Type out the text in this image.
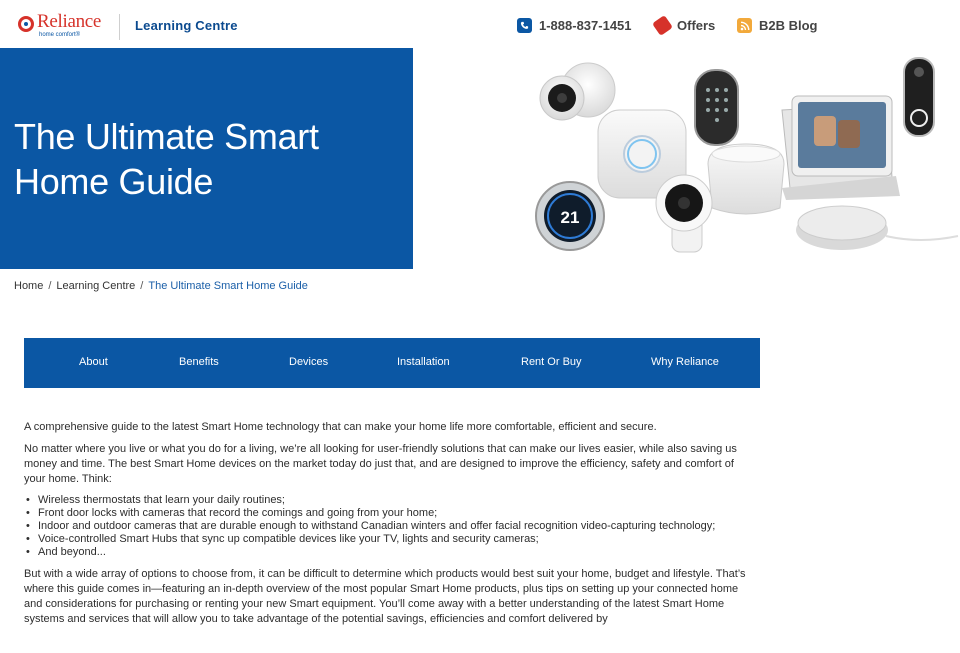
Reliance
home comfort®
Learning Centre	1-888-837-1451	Offers	B2B Blog
The Ultimate Smart Home Guide
21
Home / Learning Centre / The Ultimate Smart Home Guide
About	Benefits	Devices	Installation	Rent Or Buy	Why Reliance

A comprehensive guide to the latest Smart Home technology that can make your home life more comfortable, efficient and secure.

No matter where you live or what you do for a living, we’re all looking for user-friendly solutions that can make our lives easier, while also saving us money and time. The best Smart Home devices on the market today do just that, and are designed to improve the efficiency, safety and comfort of your home. Think:

• Wireless thermostats that learn your daily routines;
• Front door locks with cameras that record the comings and going from your home;
• Indoor and outdoor cameras that are durable enough to withstand Canadian winters and offer facial recognition video-capturing technology;
• Voice-controlled Smart Hubs that sync up compatible devices like your TV, lights and security cameras;
• And beyond...

But with a wide array of options to choose from, it can be difficult to determine which products would best suit your home, budget and lifestyle. That’s where this guide comes in—featuring an in-depth overview of the most popular Smart Home products, plus tips on setting up your connected home and considerations for purchasing or renting your new Smart equipment. You’ll come away with a better understanding of the latest Smart Home systems and services that will allow you to take advantage of the potential savings, efficiencies and comfort delivered by
